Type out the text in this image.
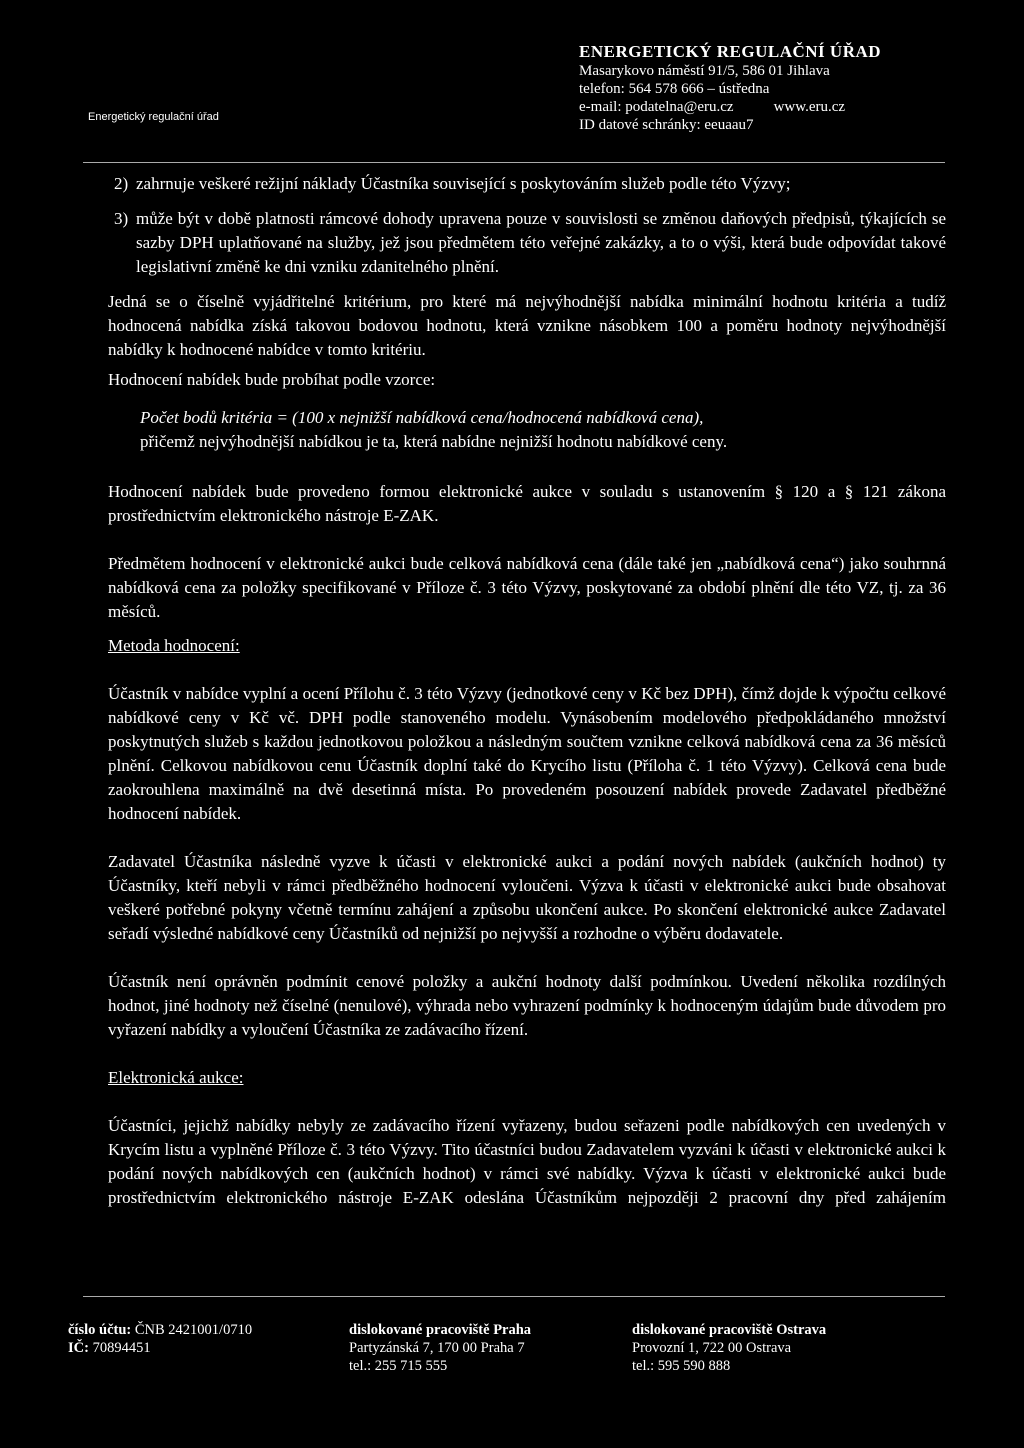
Energetický regulační úřad
ENERGETICKÝ REGULAČNÍ ÚŘAD
Masarykovo náměstí 91/5, 586 01 Jihlava
telefon: 564 578 666 – ústředna
e-mail: podatelna@eru.cz	www.eru.cz
ID datové schránky: eeuaau7
2) zahrnuje veškeré režijní náklady Účastníka související s poskytováním služeb podle této Výzvy;

3) může být v době platnosti rámcové dohody upravena pouze v souvislosti se změnou daňových předpisů, týkajících se sazby DPH uplatňované na služby, jež jsou předmětem této veřejné zakázky, a to o výši, která bude odpovídat takové legislativní změně ke dni vzniku zdanitelného plnění.

Jedná se o číselně vyjádřitelné kritérium, pro které má nejvýhodnější nabídka minimální hodnotu kritéria a tudíž hodnocená nabídka získá takovou bodovou hodnotu, která vznikne násobkem 100 a poměru hodnoty nejvýhodnější nabídky k hodnocené nabídce v tomto kritériu.

Hodnocení nabídek bude probíhat podle vzorce:

Počet bodů kritéria = (100 x nejnižší nabídková cena/hodnocená nabídková cena),
přičemž nejvýhodnější nabídkou je ta, která nabídne nejnižší hodnotu nabídkové ceny.

Hodnocení nabídek bude provedeno formou elektronické aukce v souladu s ustanovením § 120 a § 121 zákona prostřednictvím elektronického nástroje E-ZAK.

Předmětem hodnocení v elektronické aukci bude celková nabídková cena (dále také jen „nabídková cena“) jako souhrnná nabídková cena za položky specifikované v Příloze č. 3 této Výzvy, poskytované za období plnění dle této VZ, tj. za 36 měsíců.

Metoda hodnocení:

Účastník v nabídce vyplní a ocení Přílohu č. 3 této Výzvy (jednotkové ceny v Kč bez DPH), čímž dojde k výpočtu celkové nabídkové ceny v Kč vč. DPH podle stanoveného modelu. Vynásobením modelového předpokládaného množství poskytnutých služeb s každou jednotkovou položkou a následným součtem vznikne celková nabídková cena za 36 měsíců plnění. Celkovou nabídkovou cenu Účastník doplní také do Krycího listu (Příloha č. 1 této Výzvy). Celková cena bude zaokrouhlena maximálně na dvě desetinná místa. Po provedeném posouzení nabídek provede Zadavatel předběžné hodnocení nabídek.

Zadavatel Účastníka následně vyzve k účasti v elektronické aukci a podání nových nabídek (aukčních hodnot) ty Účastníky, kteří nebyli v rámci předběžného hodnocení vyloučeni. Výzva k účasti v elektronické aukci bude obsahovat veškeré potřebné pokyny včetně termínu zahájení a způsobu ukončení aukce. Po skončení elektronické aukce Zadavatel seřadí výsledné nabídkové ceny Účastníků od nejnižší po nejvyšší a rozhodne o výběru dodavatele.

Účastník není oprávněn podmínit cenové položky a aukční hodnoty další podmínkou. Uvedení několika rozdílných hodnot, jiné hodnoty než číselné (nenulové), výhrada nebo vyhrazení podmínky k hodnoceným údajům bude důvodem pro vyřazení nabídky a vyloučení Účastníka ze zadávacího řízení.

Elektronická aukce:

Účastníci, jejichž nabídky nebyly ze zadávacího řízení vyřazeny, budou seřazeni podle nabídkových cen uvedených v Krycím listu a vyplněné Příloze č. 3 této Výzvy. Tito účastníci budou Zadavatelem vyzváni k účasti v elektronické aukci k podání nových nabídkových cen (aukčních hodnot) v rámci své nabídky. Výzva k účasti v elektronické aukci bude prostřednictvím elektronického nástroje E-ZAK odeslána Účastníkům nejpozději 2 pracovní dny před zahájením

číslo účtu: ČNB 2421001/0710
IČ: 70894451
dislokované pracoviště Praha
Partyzánská 7, 170 00 Praha 7
tel.: 255 715 555
dislokované pracoviště Ostrava
Provozní 1, 722 00 Ostrava
tel.: 595 590 888
